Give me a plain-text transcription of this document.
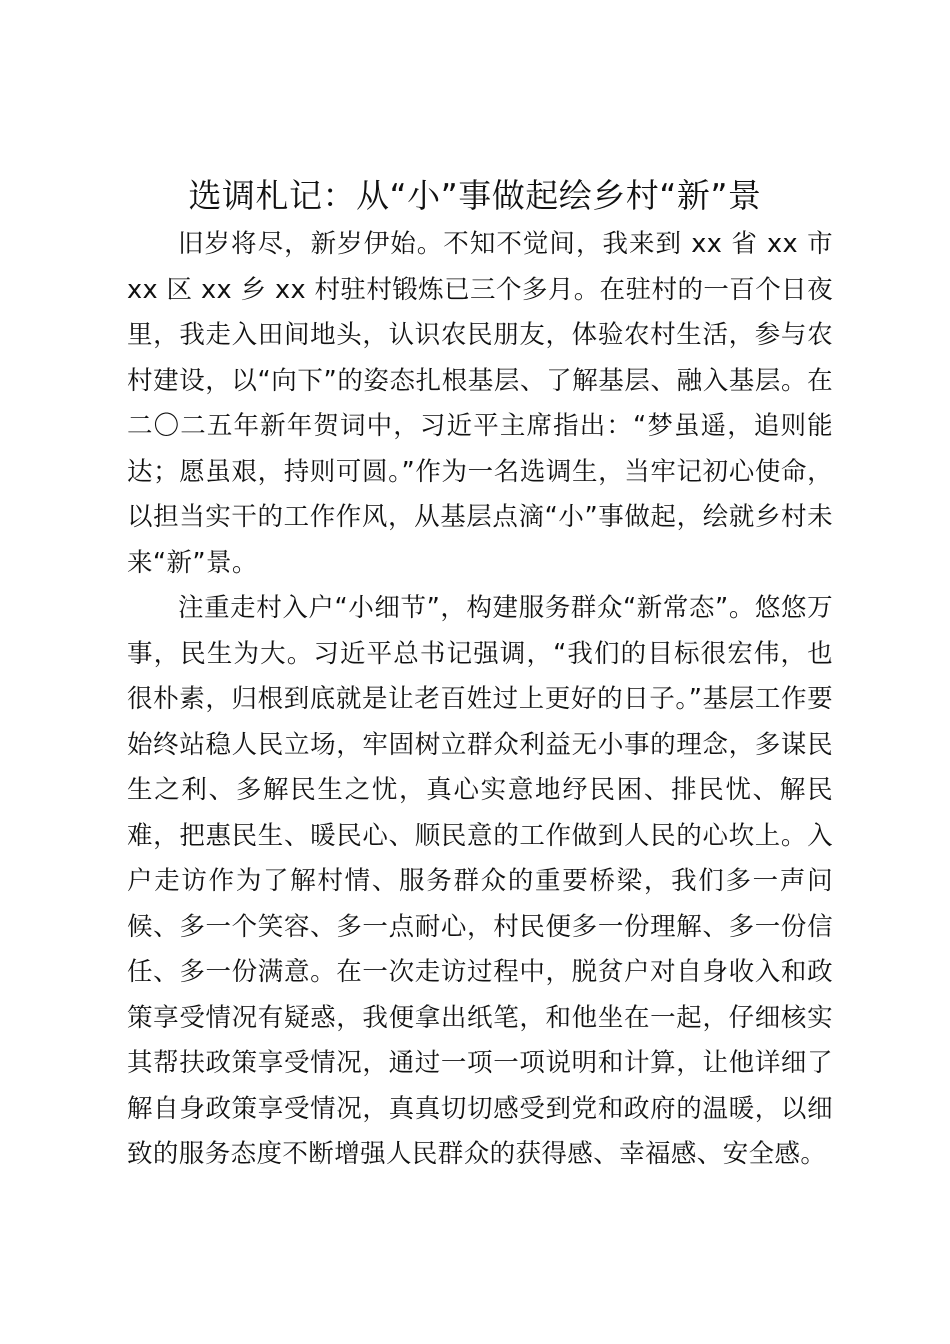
选调札记：从“小”事做起绘乡村“新”景

旧岁将尽，新岁伊始。不知不觉间，我来到 xx 省 xx 市 xx 区 xx 乡 xx 村驻村锻炼已三个多月。在驻村的一百个日夜里，我走入田间地头，认识农民朋友，体验农村生活，参与农村建设，以“向下”的姿态扎根基层、了解基层、融入基层。在二〇二五年新年贺词中，习近平主席指出：“梦虽遥，追则能达；愿虽艰，持则可圆。”作为一名选调生，当牢记初心使命，以担当实干的工作作风，从基层点滴“小”事做起，绘就乡村未来“新”景。

注重走村入户“小细节”，构建服务群众“新常态”。悠悠万事，民生为大。习近平总书记强调，“我们的目标很宏伟，也很朴素，归根到底就是让老百姓过上更好的日子。”基层工作要始终站稳人民立场，牢固树立群众利益无小事的理念，多谋民生之利、多解民生之忧，真心实意地纾民困、排民忧、解民难，把惠民生、暖民心、顺民意的工作做到人民的心坎上。入户走访作为了解村情、服务群众的重要桥梁，我们多一声问候、多一个笑容、多一点耐心，村民便多一份理解、多一份信任、多一份满意。在一次走访过程中，脱贫户对自身收入和政策享受情况有疑惑，我便拿出纸笔，和他坐在一起，仔细核实其帮扶政策享受情况，通过一项一项说明和计算，让他详细了解自身政策享受情况，真真切切感受到党和政府的温暖，以细致的服务态度不断增强人民群众的获得感、幸福感、安全感。
